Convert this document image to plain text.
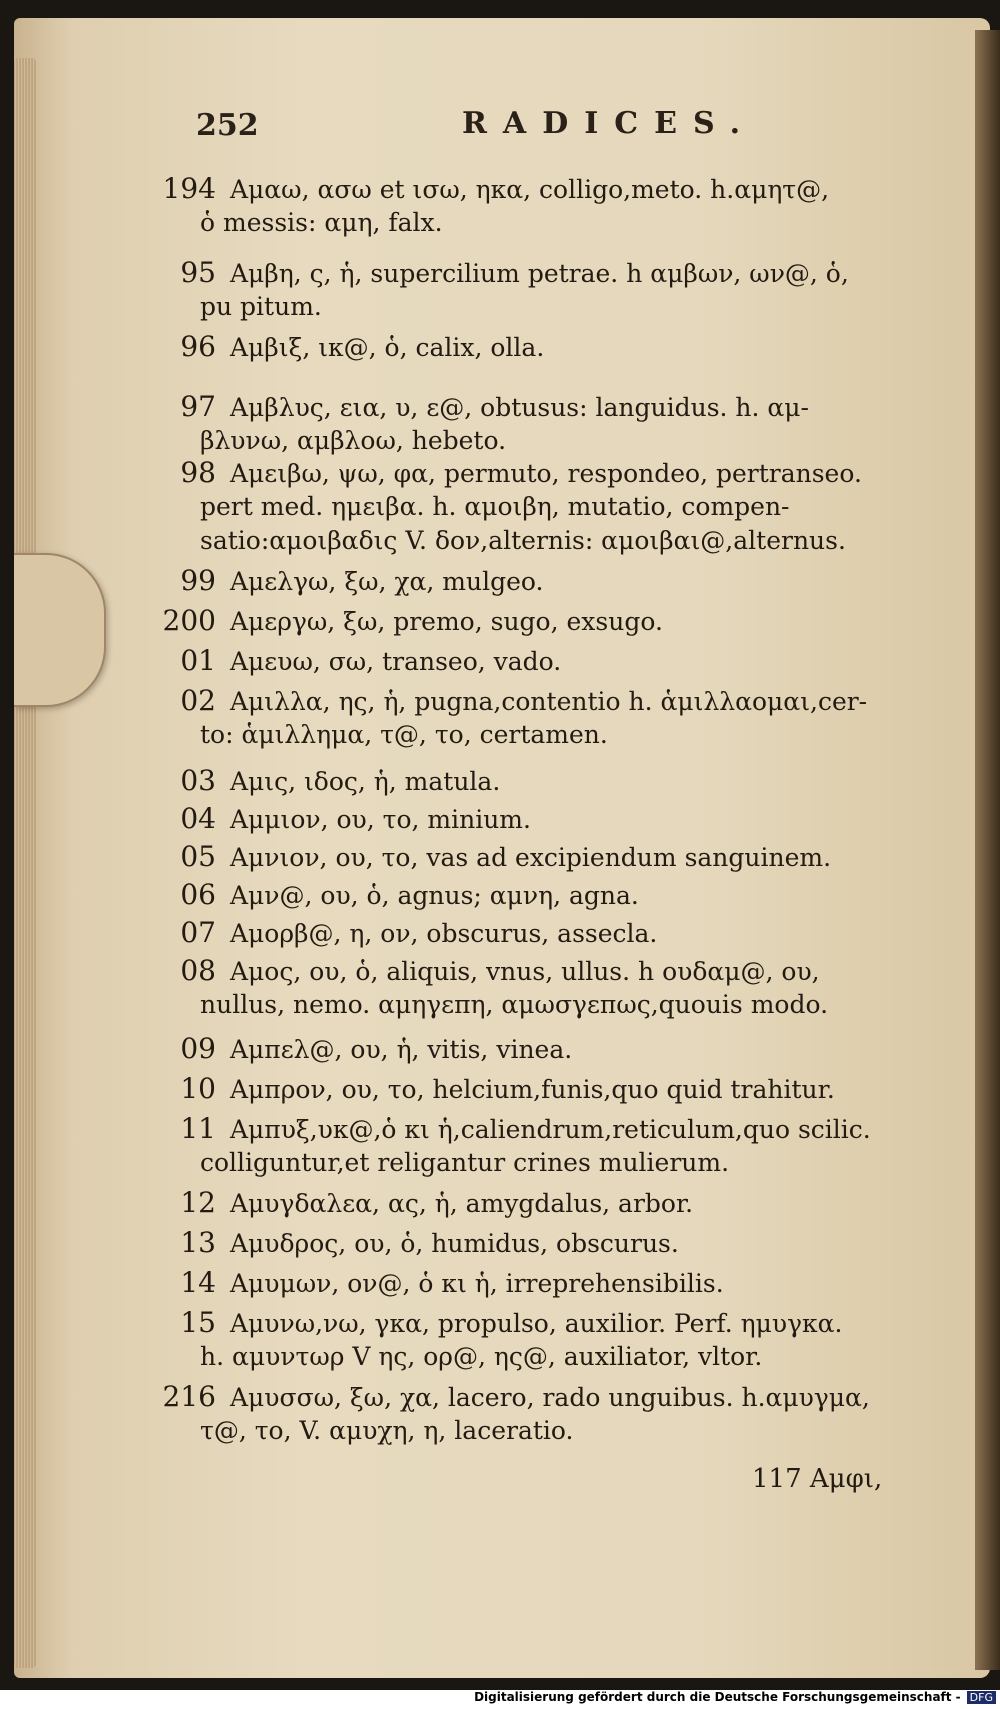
252	RADICES.
194 Αμαω, ασω et ισω, ηκα, colligo,meto. h.αμητ@,
ὁ messis: αμη, falx.
95 Αμβη, ς, ἡ, supercilium petrae. h αμβων, ων@, ὁ,
pu pitum.
96 Αμβιξ, ικ@, ὁ, calix, olla.
97 Αμβλυς, εια, υ, ε@, obtusus: languidus. h. αμ-
βλυνω, αμβλοω, hebeto.
98 Αμειβω, ψω, φα, permuto, respondeo, pertranseo.
pert med. ημειβα. h. αμοιβη, mutatio, compen-
satio:αμοιβαδις V. δον,alternis: αμοιβαι@,alternus.
99 Αμελγω, ξω, χα, mulgeo.
200 Αμεργω, ξω, premo, sugo, exsugo.
01 Αμευω, σω, transeo, vado.
02 Αμιλλα, ης, ἡ, pugna,contentio h. ἁμιλλαομαι,cer-
to: ἁμιλλημα, τ@, το, certamen.
03 Αμις, ιδος, ἡ, matula.
04 Αμμιον, ου, το, minium.
05 Αμνιον, ου, το, vas ad excipiendum sanguinem.
06 Αμν@, ου, ὁ, agnus; αμνη, agna.
07 Αμορβ@, η, ον, obscurus, assecla.
08 Αμος, ου, ὁ, aliquis, vnus, ullus. h ουδαμ@, ου,
nullus, nemo. αμηγεπη, αμωσγεπως,quouis modo.
09 Αμπελ@, ου, ἡ, vitis, vinea.
10 Αμπρον, ου, το, helcium,funis,quo quid trahitur.
11 Αμπυξ,υκ@,ὁ κι ἡ,caliendrum,reticulum,quo scilic.
colliguntur,et religantur crines mulierum.
12 Αμυγδαλεα, ας, ἡ, amygdalus, arbor.
13 Αμυδρος, ου, ὁ, humidus, obscurus.
14 Αμυμων, ον@, ὁ κι ἡ, irreprehensibilis.
15 Αμυνω,νω, γκα, propulso, auxilior. Perf. ημυγκα.
h. αμυντωρ V ης, ορ@, ης@, auxiliator, vltor.
216 Αμυσσω, ξω, χα, lacero, rado unguibus. h.αμυγμα,
τ@, το, V. αμυχη, η, laceratio.
117 Αμφι,
Digitalisierung gefördert durch die Deutsche Forschungsgemeinschaft - DFG
